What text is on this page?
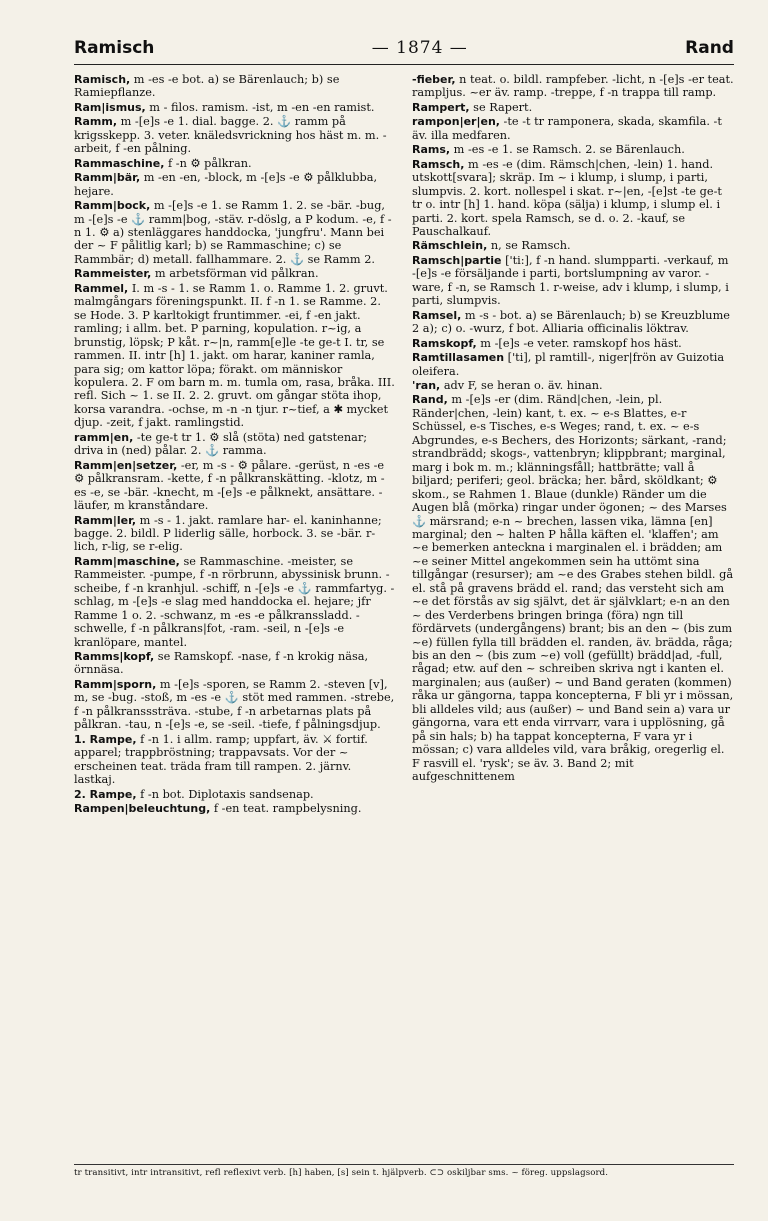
Ramisch	— 1874 —	Rand

Ramisch, m -es -e bot. a) se Bärenlauch; b) se Ramiepflanze.

Ram|ismus, m - filos. ramism. -ist, m -en -en ramist.

Ramm, m -[e]s -e 1. dial. bagge. 2. ⚓ ramm på krigsskepp. 3. veter. knäledsvrickning hos häst m. m. -arbeit, f -en pålning.

Rammaschine, f -n ⚙ pålkran.

Ramm|bär, m -en -en, -block, m -[e]s -e ⚙ pålklubba, hejare.

Ramm|bock, m -[e]s -e 1. se Ramm 1. 2. se -bär. -bug, m -[e]s -e ⚓ ramm|bog, -stäv. r-döslg, a P kodum. -e, f -n 1. ⚙ a) stenläggares handdocka, 'jungfru'. Mann bei der ~ F pålitlig karl; b) se Rammaschine; c) se Rammbär; d) metall. fallhammare. 2. ⚓ se Ramm 2.

Rammeister, m arbetsförman vid pålkran.

Rammel, I. m -s - 1. se Ramm 1. o. Ramme 1. 2. gruvt. malmgångars föreningspunkt. II. f -n 1. se Ramme. 2. se Hode. 3. P karltokigt fruntimmer. -ei, f -en jakt. ramling; i allm. bet. P parning, kopulation. r~ig, a brunstig, löpsk; P kåt. r~|n, ramm[e]le -te ge-t I. tr, se rammen. II. intr [h] 1. jakt. om harar, kaniner ramla, para sig; om kattor löpa; förakt. om människor kopulera. 2. F om barn m. m. tumla om, rasa, bråka. III. refl. Sich ~ 1. se II. 2. 2. gruvt. om gångar stöta ihop, korsa varandra. -ochse, m -n -n tjur. r~tief, a ✱ mycket djup. -zeit, f jakt. ramlingstid.

ramm|en, -te ge-t tr 1. ⚙ slå (stöta) ned gatstenar; driva in (ned) pålar. 2. ⚓ ramma.

Ramm|en|setzer, -er, m -s - ⚙ pålare. -gerüst, n -es -e ⚙ pålkransram. -kette, f -n pålkranskätting. -klotz, m -es -e, se -bär. -knecht, m -[e]s -e pålknekt, ansättare. -läufer, m kranståndare.

Ramm|ler, m -s - 1. jakt. ramlare har- el. kaninhanne; bagge. 2. bildl. P liderlig sälle, horbock. 3. se -bär. r-lich, r-lig, se r-elig.

Ramm|maschine, se Rammaschine. -meister, se Rammeister. -pumpe, f -n rörbrunn, abyssinisk brunn. -scheibe, f -n kranhjul. -schiff, n -[e]s -e ⚓ rammfartyg. -schlag, m -[e]s -e slag med handdocka el. hejare; jfr Ramme 1 o. 2. -schwanz, m -es -e pålkranssladd. -schwelle, f -n pålkrans|fot, -ram. -seil, n -[e]s -e kranlöpare, mantel.

Ramms|kopf, se Ramskopf. -nase, f -n krokig näsa, örnnäsa.

Ramm|sporn, m -[e]s -sporen, se Ramm 2. -steven [v], m, se -bug. -stoß, m -es -e ⚓ stöt med rammen. -strebe, f -n pålkransssträva. -stube, f -n arbetarnas plats på pålkran. -tau, n -[e]s -e, se -seil. -tiefe, f pålningsdjup.

1. Rampe, f -n 1. i allm. ramp; uppfart, äv. ⚔ fortif. apparel; trappbröstning; trappavsats. Vor der ~ erscheinen teat. träda fram till rampen. 2. järnv. lastkaj.

2. Rampe, f -n bot. Diplotaxis sandsenap.

Rampen|beleuchtung, f -en teat. rampbelysning.

-fieber, n teat. o. bildl. rampfeber. -licht, n -[e]s -er teat. rampljus. ~er äv. ramp. -treppe, f -n trappa till ramp.

Rampert, se Rapert.

rampon|er|en, -te -t tr ramponera, skada, skamfila. -t äv. illa medfaren.

Rams, m -es -e 1. se Ramsch. 2. se Bärenlauch.

Ramsch, m -es -e (dim. Rämsch|chen, -lein) 1. hand. utskott[svara]; skräp. Im ~ i klump, i slump, i parti, slumpvis. 2. kort. nollespel i skat. r~|en, -[e]st -te ge-t tr o. intr [h] 1. hand. köpa (sälja) i klump, i slump el. i parti. 2. kort. spela Ramsch, se d. o. 2. -kauf, se Pauschalkauf.

Rämschlein, n, se Ramsch.

Ramsch|partie ['ti:], f -n hand. slumpparti. -verkauf, m -[e]s -e försäljande i parti, bortslumpning av varor. -ware, f -n, se Ramsch 1. r-weise, adv i klump, i slump, i parti, slumpvis.

Ramsel, m -s - bot. a) se Bärenlauch; b) se Kreuzblume 2 a); c) o. -wurz, f bot. Alliaria officinalis löktrav.

Ramskopf, m -[e]s -e veter. ramskopf hos häst.

Ramtillasamen ['ti], pl ramtill-, niger|frön av Guizotia oleifera.

'ran, adv F, se heran o. äv. hinan.

Rand, m -[e]s -er (dim. Ränd|chen, -lein, pl. Ränder|chen, -lein) kant, t. ex. ~ e-s Blattes, e-r Schüssel, e-s Tisches, e-s Weges; rand, t. ex. ~ e-s Abgrundes, e-s Bechers, des Horizonts; särkant, -rand; strandbrädd; skogs-, vattenbryn; klippbrant; marginal, marg i bok m. m.; klänningsfåll; hattbrätte; vall å biljard; periferi; geol. bräcka; her. bård, sköldkant; ⚙ skom., se Rahmen 1. Blaue (dunkle) Ränder um die Augen blå (mörka) ringar under ögonen; ~ des Marses ⚓ märsrand; e-n ~ brechen, lassen vika, lämna [en] marginal; den ~ halten P hålla käften el. 'klaffen'; am ~e bemerken anteckna i marginalen el. i brädden; am ~e seiner Mittel angekommen sein ha uttömt sina tillgångar (resurser); am ~e des Grabes stehen bildl. gå el. stå på gravens brädd el. rand; das versteht sich am ~e det förstås av sig självt, det är självklart; e-n an den ~ des Verderbens bringen bringa (föra) ngn till fördärvets (undergångens) brant; bis an den ~ (bis zum ~e) füllen fylla till brädden el. randen, äv. brädda, råga; bis an den ~ (bis zum ~e) voll (gefüllt) brädd|ad, -full, rågad; etw. auf den ~ schreiben skriva ngt i kanten el. marginalen; aus (außer) ~ und Band geraten (kommen) råka ur gängorna, tappa koncepterna, F bli yr i mössan, bli alldeles vild; aus (außer) ~ und Band sein a) vara ur gängorna, vara ett enda virrvarr, vara i upplösning, gå på sin hals; b) ha tappat koncepterna, F vara yr i mössan; c) vara alldeles vild, vara bråkig, oregerlig el. F rasvill el. 'rysk'; se äv. 3. Band 2; mit aufgeschnittenem

tr transitivt, intr intransitivt, refl reflexivt verb. [h] haben, [s] sein t. hjälpverb. ⊂⊃ oskiljbar sms. ~ föreg. uppslagsord.
